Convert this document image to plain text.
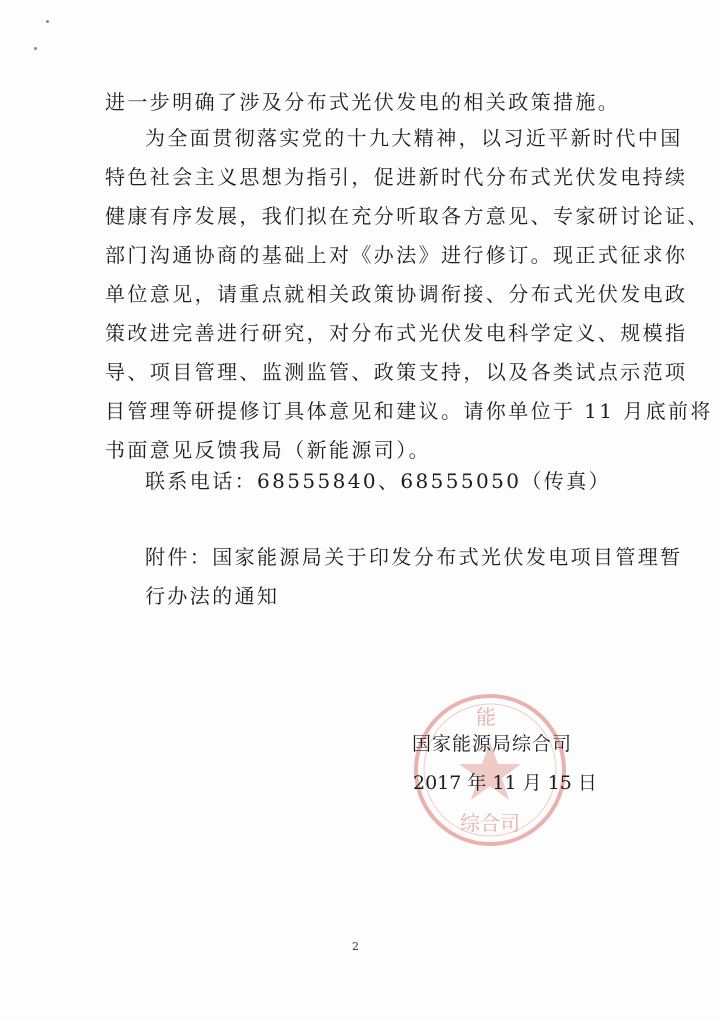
进一步明确了涉及分布式光伏发电的相关政策措施。
为全面贯彻落实党的十九大精神，以习近平新时代中国
特色社会主义思想为指引，促进新时代分布式光伏发电持续
健康有序发展，我们拟在充分听取各方意见、专家研讨论证、
部门沟通协商的基础上对《办法》进行修订。现正式征求你
单位意见，请重点就相关政策协调衔接、分布式光伏发电政
策改进完善进行研究，对分布式光伏发电科学定义、规模指
导、项目管理、监测监管、政策支持，以及各类试点示范项
目管理等研提修订具体意见和建议。请你单位于 11 月底前将
书面意见反馈我局（新能源司）。
联系电话：68555840、68555050（传真）
附件：国家能源局关于印发分布式光伏发电项目管理暂
行办法的通知
能
综合司
国家能源局综合司
2017 年 11 月 15 日
2
